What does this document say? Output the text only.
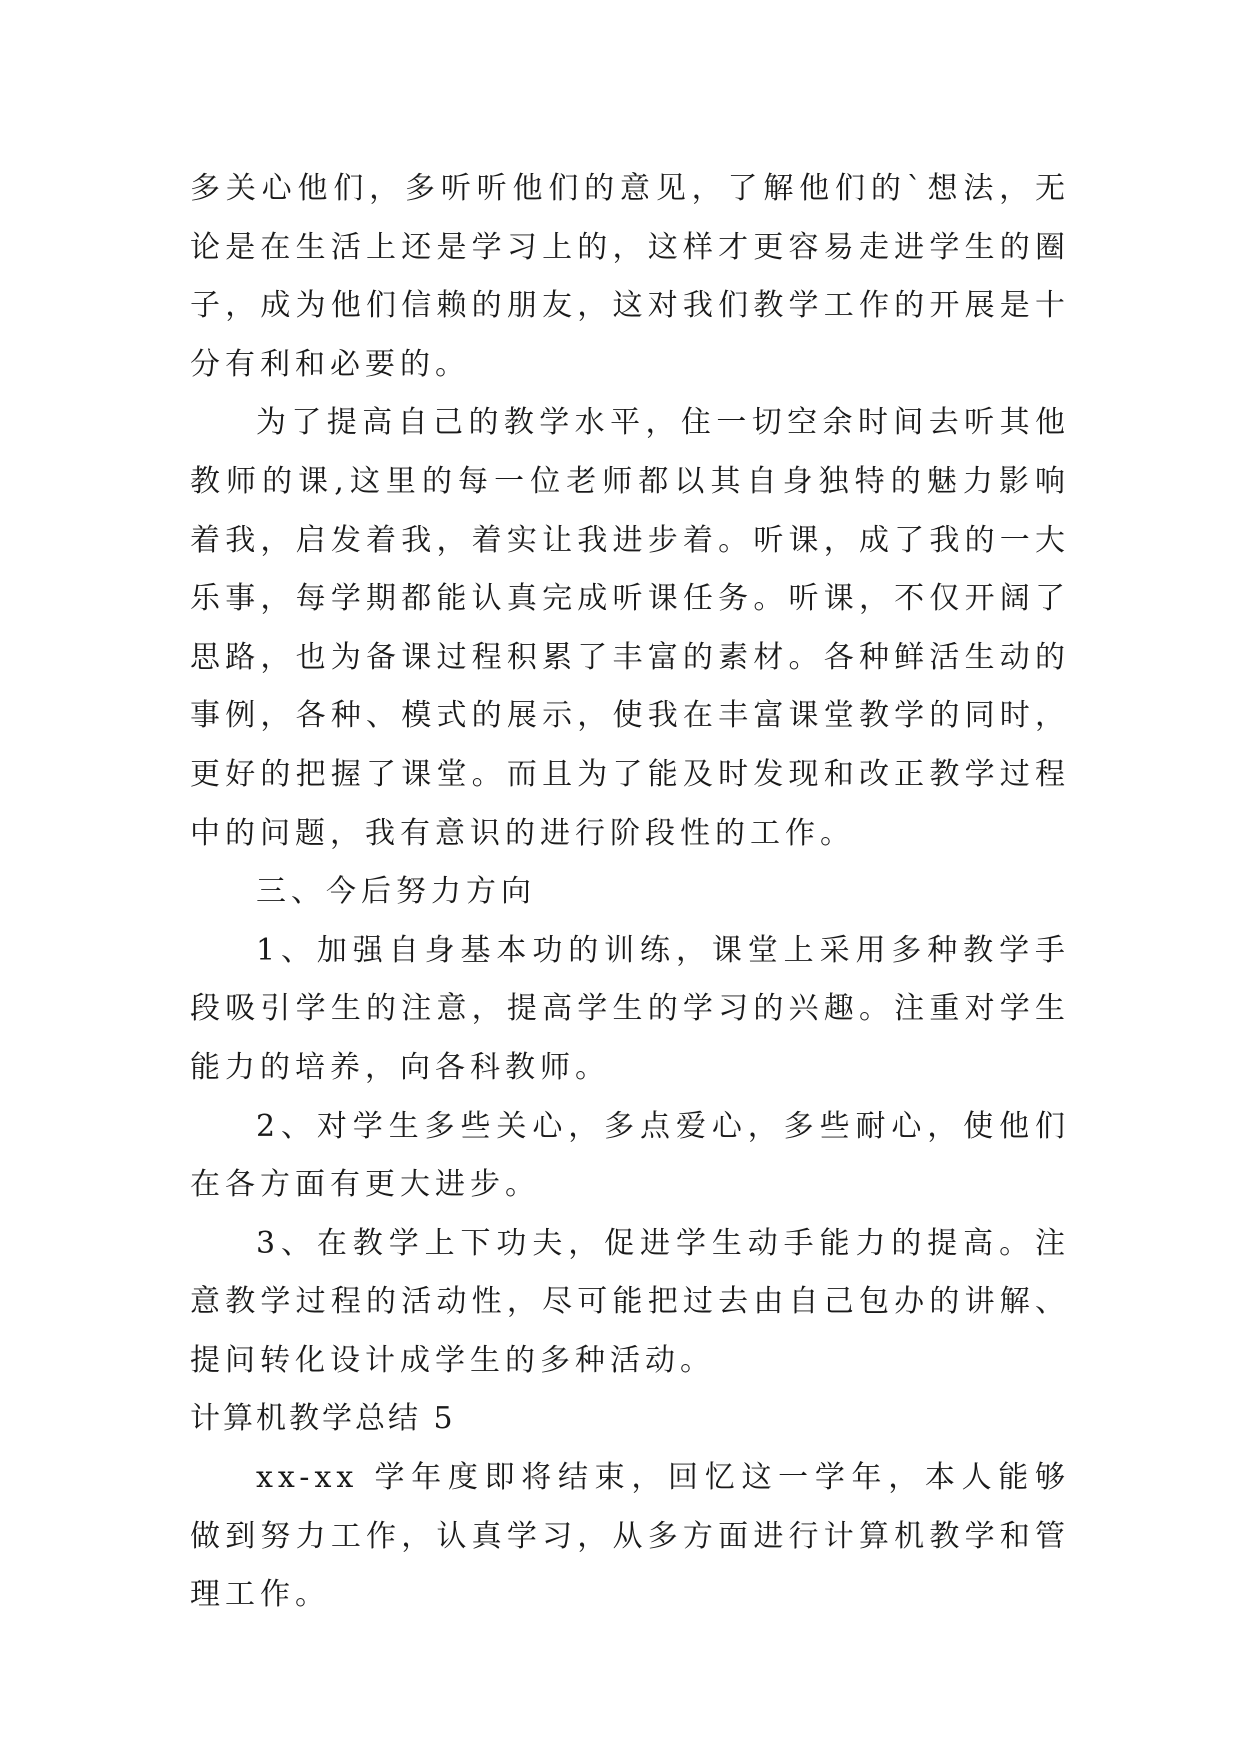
多关心他们，多听听他们的意见，了解他们的`想法，无论是在生活上还是学习上的，这样才更容易走进学生的圈子，成为他们信赖的朋友，这对我们教学工作的开展是十分有利和必要的。

为了提高自己的教学水平，住一切空余时间去听其他教师的课,这里的每一位老师都以其自身独特的魅力影响着我，启发着我，着实让我进步着。听课，成了我的一大乐事，每学期都能认真完成听课任务。听课，不仅开阔了思路，也为备课过程积累了丰富的素材。各种鲜活生动的事例，各种、模式的展示，使我在丰富课堂教学的同时，更好的把握了课堂。而且为了能及时发现和改正教学过程中的问题，我有意识的进行阶段性的工作。

三、今后努力方向

1、加强自身基本功的训练，课堂上采用多种教学手段吸引学生的注意，提高学生的学习的兴趣。注重对学生能力的培养，向各科教师。

2、对学生多些关心，多点爱心，多些耐心，使他们在各方面有更大进步。

3、在教学上下功夫，促进学生动手能力的提高。注意教学过程的活动性，尽可能把过去由自己包办的讲解、提问转化设计成学生的多种活动。

计算机教学总结 5

xx-xx 学年度即将结束，回忆这一学年，本人能够做到努力工作，认真学习，从多方面进行计算机教学和管理工作。
